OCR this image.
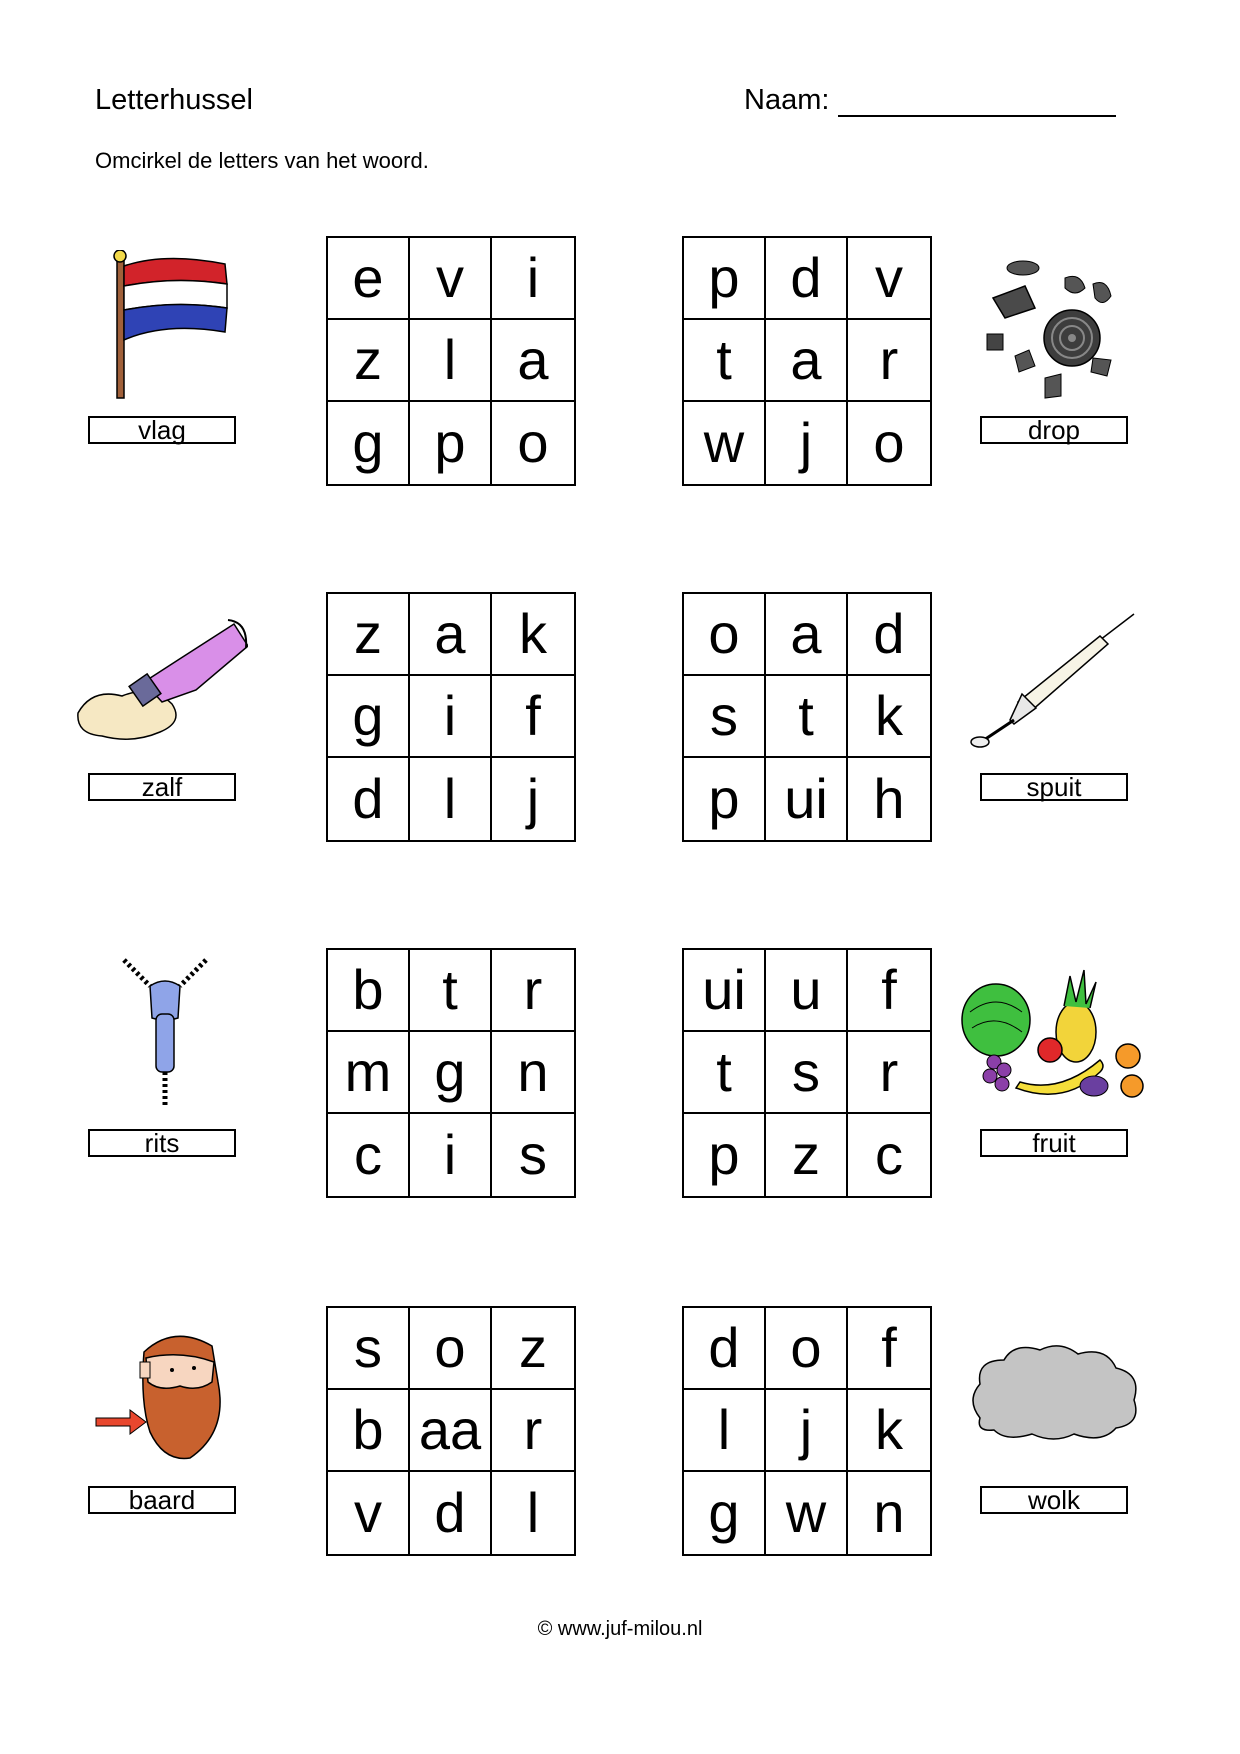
Letterhussel	Naam:
Omcirkel de letters van het woord.
vlag
e v	i
z	l	a
g p o
p d v
t	a	r
w j	o	drop
zalf
z a k
g	i	f
d	l	j
o a d
s	t	k
p ui h	spuit
rits
b	t	r
m g n
c	i	s
ui u	f
t	s	r
p z c	fruit
baard
s o z
b aa r
v d	l
d o	f
l	j	k
g w n	wolk
© www.juf-milou.nl
